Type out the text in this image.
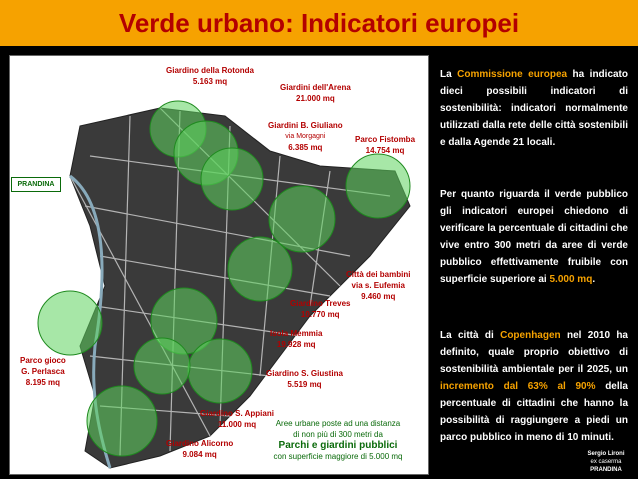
Verde urbano: Indicatori europei
Giardino della Rotonda
5.163 mq
Giardini dell'Arena
21.000 mq
Giardini B. Giuliano
via Morgagni
6.385 mq
Parco Fistomba
14.754 mq
Città dei bambini
via s. Eufemia
9.460 mq
Giardino Treves
10.770 mq
Isola Memmia
19.928 mq
Parco gioco
G. Perlasca
8.195 mq
Giardino S. Giustina
5.519 mq
Giardino S. Appiani
11.000 mq
Giardino Alicorno
9.084 mq
PRANDINA
Aree urbane poste ad una distanza
di non più di 300 metri da
Parchi e giardini pubblici
con superficie maggiore di 5.000 mq
La Commissione europea ha indicato dieci possibili indicatori di sostenibilità: indicatori normalmente utilizzati dalla rete delle città sostenibili e dalla Agende 21 locali.
Per quanto riguarda il verde pubblico gli indicatori europei chiedono di verificare la percentuale di cittadini che vive entro 300 metri da aree di verde pubblico effettivamente fruibile con superficie superiore ai 5.000 mq.
La città di Copenhagen nel 2010 ha definito, quale proprio obiettivo di sostenibilità ambientale per il 2025, un incremento dal 63% al 90% della percentuale di cittadini che hanno la possibilità di raggiungere a piedi un parco pubblico in meno di 10 minuti.
Sergio Lironi
ex caserma
PRANDINA
